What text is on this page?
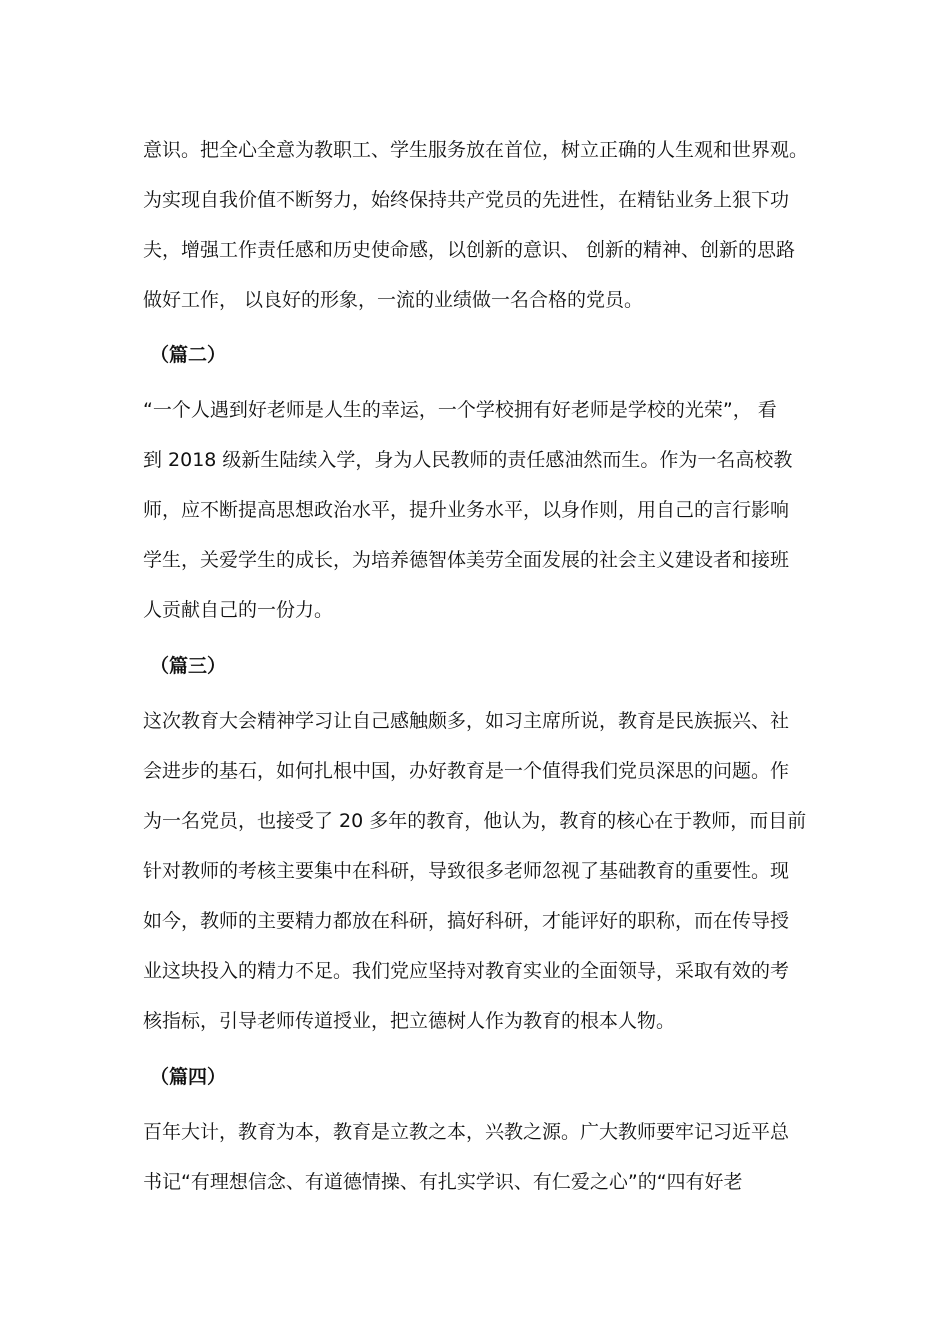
意识。把全心全意为教职工、学生服务放在首位，树立正确的人生观和世界观。
为实现自我价值不断努力，始终保持共产党员的先进性，在精钻业务上狠下功
夫，增强工作责任感和历史使命感，以创新的意识、 创新的精神、创新的思路
做好工作， 以良好的形象，一流的业绩做一名合格的党员。
（篇二）
“一个人遇到好老师是人生的幸运，一个学校拥有好老师是学校的光荣”， 看
到 2018 级新生陆续入学，身为人民教师的责任感油然而生。作为一名高校教
师，应不断提高思想政治水平，提升业务水平，以身作则，用自己的言行影响
学生，关爱学生的成长，为培养德智体美劳全面发展的社会主义建设者和接班
人贡献自己的一份力。
（篇三）
这次教育大会精神学习让自己感触颇多，如习主席所说，教育是民族振兴、社
会进步的基石，如何扎根中国，办好教育是一个值得我们党员深思的问题。作
为一名党员，也接受了 20 多年的教育，他认为，教育的核心在于教师，而目前
针对教师的考核主要集中在科研，导致很多老师忽视了基础教育的重要性。现
如今，教师的主要精力都放在科研，搞好科研，才能评好的职称，而在传导授
业这块投入的精力不足。我们党应坚持对教育实业的全面领导，采取有效的考
核指标，引导老师传道授业，把立德树人作为教育的根本人物。
（篇四）
百年大计，教育为本，教育是立教之本，兴教之源。广大教师要牢记习近平总
书记“有理想信念、有道德情操、有扎实学识、有仁爱之心”的“四有好老
